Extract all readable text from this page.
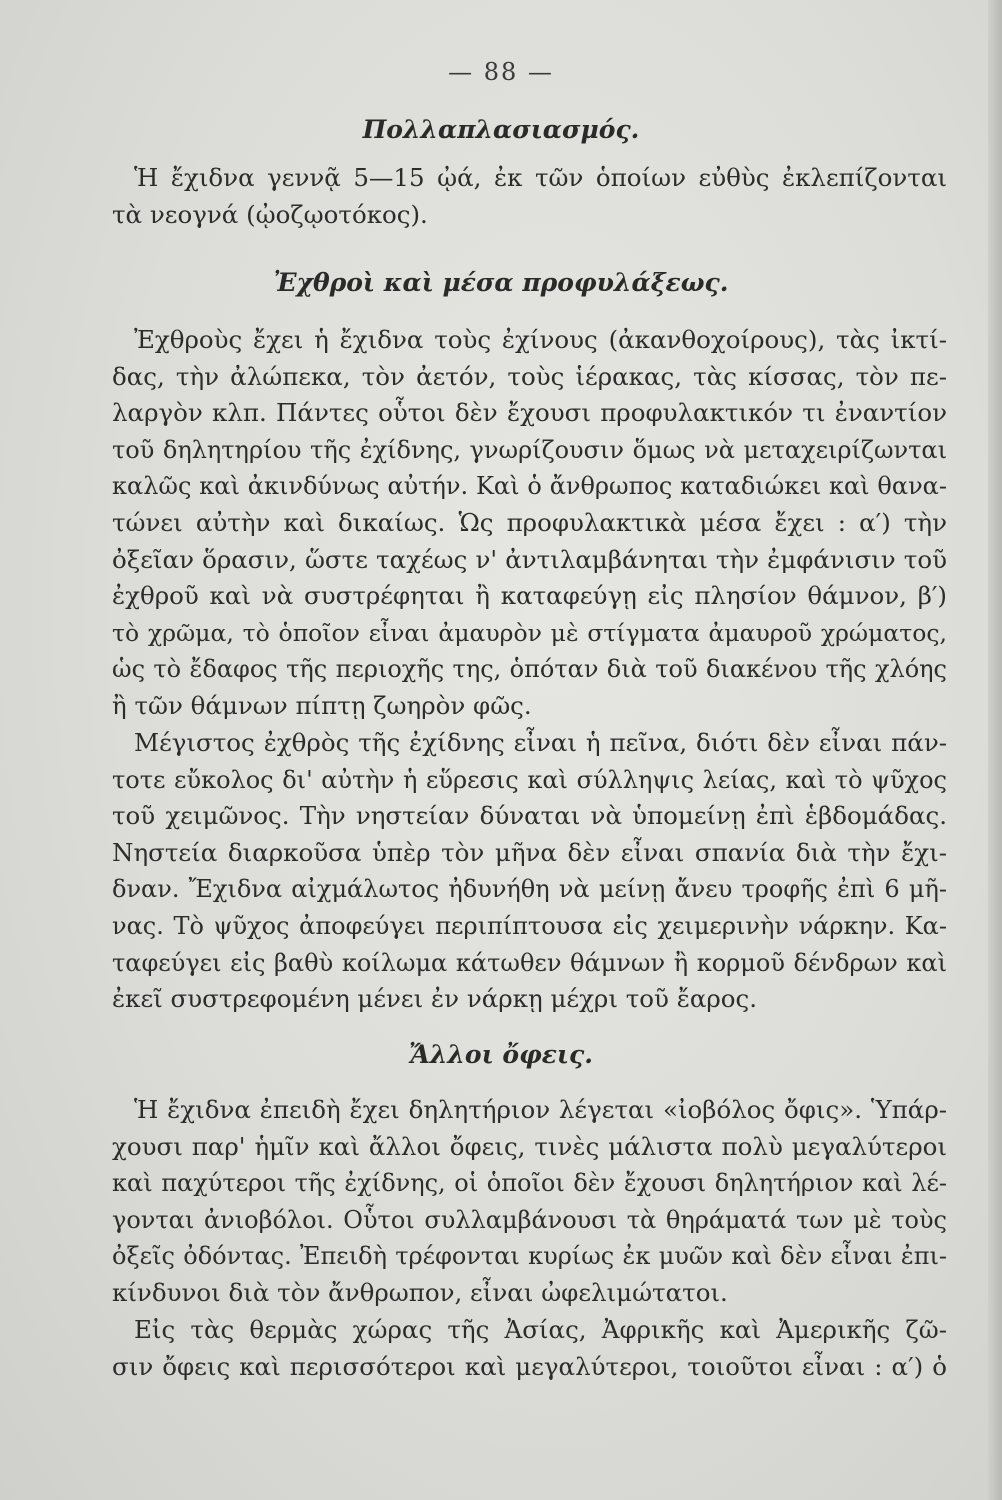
— 88 —
Πολλαπλασιασμός.
Ἡ ἔχιδνα γεννᾷ 5—15 ᾠά, ἐκ τῶν ὁποίων εὐθὺς ἐκλεπίζονται
τὰ νεογνά (ᾠοζῳοτόκος).
Ἐχθροὶ καὶ μέσα προφυλάξεως.
Ἐχθροὺς ἔχει ἡ ἔχιδνα τοὺς ἐχίνους (ἀκανθοχοίρους), τὰς ἰκτί-
δας, τὴν ἀλώπεκα, τὸν ἀετόν, τοὺς ἱέρακας, τὰς κίσσας, τὸν πε-
λαργὸν κλπ. Πάντες οὗτοι δὲν ἔχουσι προφυλακτικόν τι ἐναντίον
τοῦ δηλητηρίου τῆς ἐχίδνης, γνωρίζουσιν ὅμως νὰ μεταχειρίζωνται
καλῶς καὶ ἀκινδύνως αὐτήν. Καὶ ὁ ἄνθρωπος καταδιώκει καὶ θανα-
τώνει αὐτὴν καὶ δικαίως. Ὡς προφυλακτικὰ μέσα ἔχει : α′) τὴν
ὀξεῖαν ὅρασιν, ὥστε ταχέως ν' ἀντιλαμβάνηται τὴν ἐμφάνισιν τοῦ
ἐχθροῦ καὶ νὰ συστρέφηται ἢ καταφεύγῃ εἰς πλησίον θάμνον, β′)
τὸ χρῶμα, τὸ ὁποῖον εἶναι ἀμαυρὸν μὲ στίγματα ἀμαυροῦ χρώματος,
ὡς τὸ ἔδαφος τῆς περιοχῆς της, ὁπόταν διὰ τοῦ διακένου τῆς χλόης
ἢ τῶν θάμνων πίπτῃ ζωηρὸν φῶς.
Μέγιστος ἐχθρὸς τῆς ἐχίδνης εἶναι ἡ πεῖνα, διότι δὲν εἶναι πάν-
τοτε εὔκολος δι' αὐτὴν ἡ εὕρεσις καὶ σύλληψις λείας, καὶ τὸ ψῦχος
τοῦ χειμῶνος. Τὴν νηστείαν δύναται νὰ ὑπομείνῃ ἐπὶ ἑβδομάδας.
Νηστεία διαρκοῦσα ὑπὲρ τὸν μῆνα δὲν εἶναι σπανία διὰ τὴν ἔχι-
δναν. Ἔχιδνα αἰχμάλωτος ἠδυνήθη νὰ μείνῃ ἄνευ τροφῆς ἐπὶ 6 μῆ-
νας. Τὸ ψῦχος ἀποφεύγει περιπίπτουσα εἰς χειμερινὴν νάρκην. Κα-
ταφεύγει εἰς βαθὺ κοίλωμα κάτωθεν θάμνων ἢ κορμοῦ δένδρων καὶ
ἐκεῖ συστρεφομένη μένει ἐν νάρκῃ μέχρι τοῦ ἔαρος.
Ἄλλοι ὄφεις.
Ἡ ἔχιδνα ἐπειδὴ ἔχει δηλητήριον λέγεται «ἰοβόλος ὄφις». Ὑπάρ-
χουσι παρ' ἡμῖν καὶ ἄλλοι ὄφεις, τινὲς μάλιστα πολὺ μεγαλύτεροι
καὶ παχύτεροι τῆς ἐχίδνης, οἱ ὁποῖοι δὲν ἔχουσι δηλητήριον καὶ λέ-
γονται ἀνιοβόλοι. Οὗτοι συλλαμβάνουσι τὰ θηράματά των μὲ τοὺς
ὀξεῖς ὀδόντας. Ἐπειδὴ τρέφονται κυρίως ἐκ μυῶν καὶ δὲν εἶναι ἐπι-
κίνδυνοι διὰ τὸν ἄνθρωπον, εἶναι ὠφελιμώτατοι.
Εἰς τὰς θερμὰς χώρας τῆς Ἀσίας, Ἀφρικῆς καὶ Ἀμερικῆς ζῶ-
σιν ὄφεις καὶ περισσότεροι καὶ μεγαλύτεροι, τοιοῦτοι εἶναι : α′) ὁ
